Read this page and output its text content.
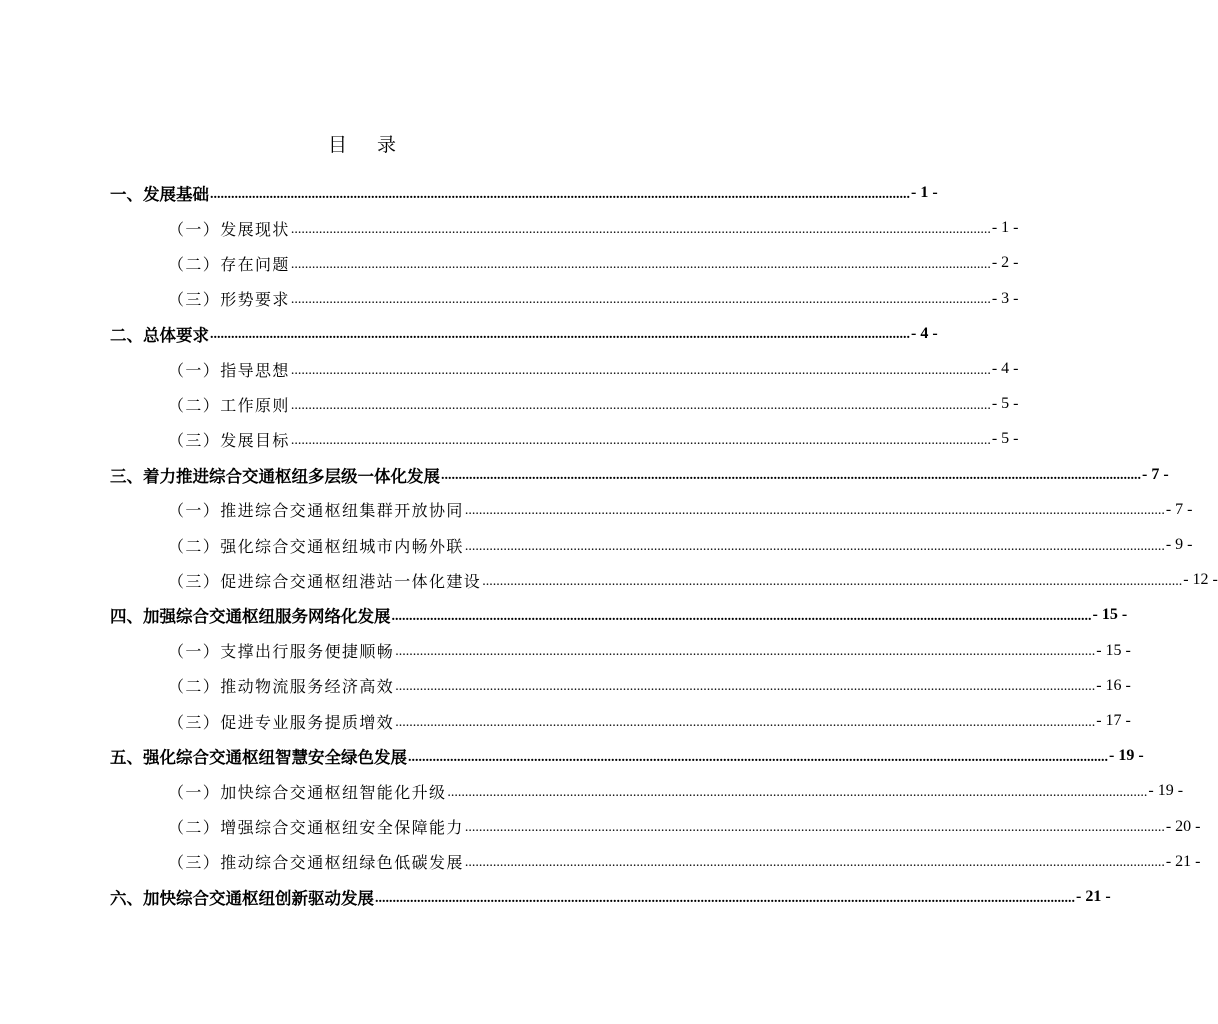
目 录
一、发展基础 ........................................................................................................................................................................................................ - 1 -
（一）发展现状 ........................................................................................................................................................................................................ - 1 -
（二）存在问题 ........................................................................................................................................................................................................ - 2 -
（三）形势要求 ........................................................................................................................................................................................................ - 3 -
二、总体要求 ........................................................................................................................................................................................................ - 4 -
（一）指导思想 ........................................................................................................................................................................................................ - 4 -
（二）工作原则 ........................................................................................................................................................................................................ - 5 -
（三）发展目标 ........................................................................................................................................................................................................ - 5 -
三、着力推进综合交通枢纽多层级一体化发展 ........................................................................................................................................................................................................ - 7 -
（一）推进综合交通枢纽集群开放协同 ........................................................................................................................................................................................................ - 7 -
（二）强化综合交通枢纽城市内畅外联 ........................................................................................................................................................................................................ - 9 -
（三）促进综合交通枢纽港站一体化建设 ........................................................................................................................................................................................................ - 12 -
四、加强综合交通枢纽服务网络化发展 ........................................................................................................................................................................................................ - 15 -
（一）支撑出行服务便捷顺畅 ........................................................................................................................................................................................................ - 15 -
（二）推动物流服务经济高效 ........................................................................................................................................................................................................ - 16 -
（三）促进专业服务提质增效 ........................................................................................................................................................................................................ - 17 -
五、强化综合交通枢纽智慧安全绿色发展 ........................................................................................................................................................................................................ - 19 -
（一）加快综合交通枢纽智能化升级 ........................................................................................................................................................................................................ - 19 -
（二）增强综合交通枢纽安全保障能力 ........................................................................................................................................................................................................ - 20 -
（三）推动综合交通枢纽绿色低碳发展 ........................................................................................................................................................................................................ - 21 -
六、加快综合交通枢纽创新驱动发展 ........................................................................................................................................................................................................ - 21 -
